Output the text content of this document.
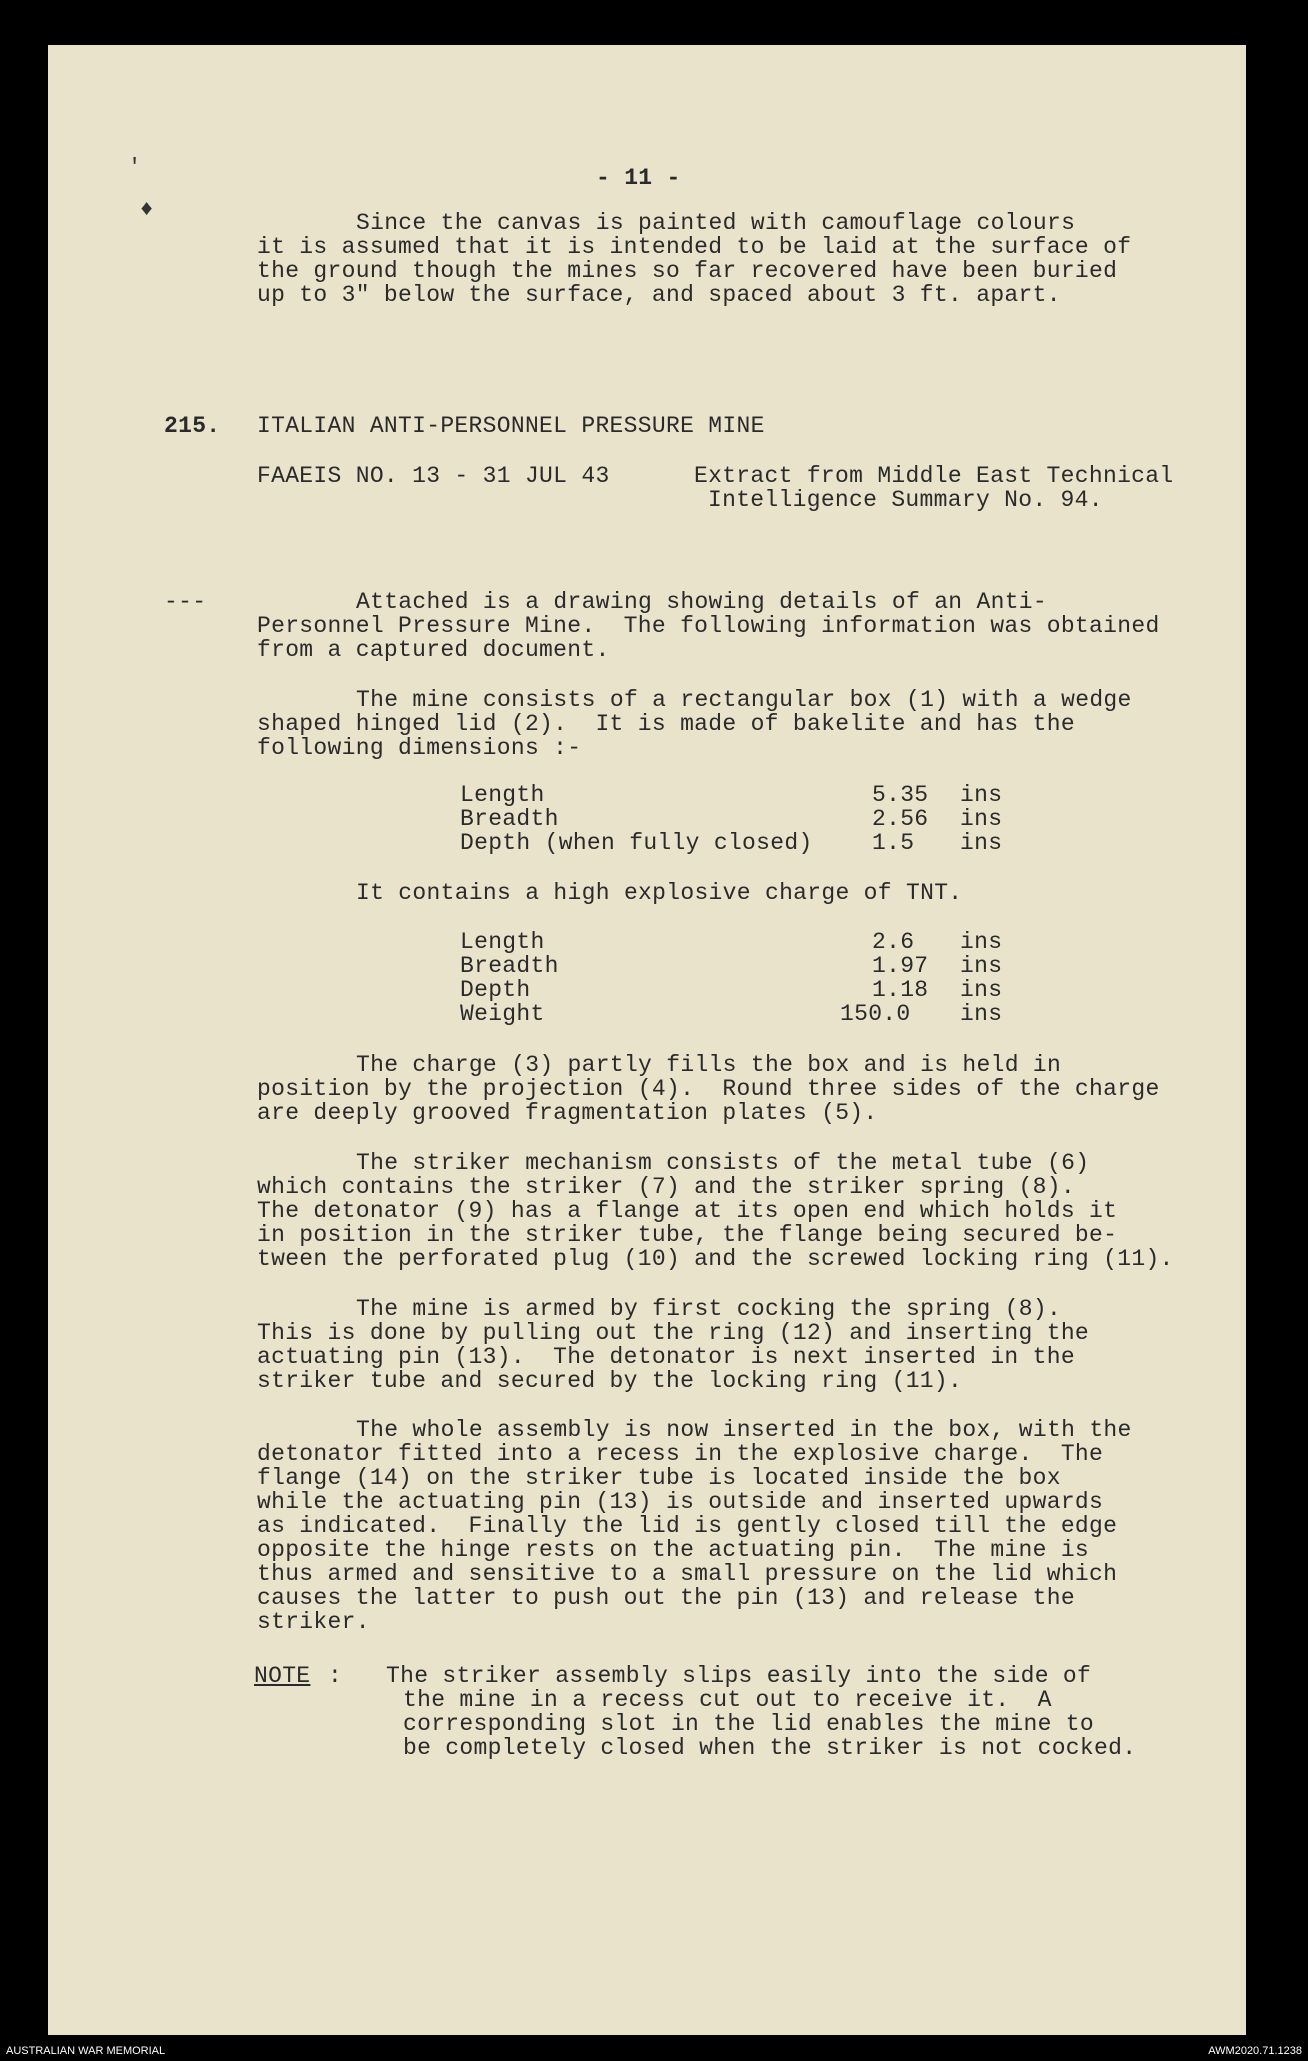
'
♦
- 11 -
Since the canvas is painted with camouflage colours
it is assumed that it is intended to be laid at the surface of
the ground though the mines so far recovered have been buried
up to 3" below the surface, and spaced about 3 ft. apart.
215. ITALIAN ANTI-PERSONNEL PRESSURE MINE
FAAEIS NO. 13 - 31 JUL 43	Extract from Middle East Technical
Intelligence Summary No. 94.
---	Attached is a drawing showing details of an Anti-
Personnel Pressure Mine.  The following information was obtained
from a captured document.
The mine consists of a rectangular box (1) with a wedge
shaped hinged lid (2).  It is made of bakelite and has the
following dimensions :-
Length	5.35 ins
Breadth	2.56 ins
Depth (when fully closed)	1.5 ins
It contains a high explosive charge of TNT.
Length	2.6 ins
Breadth	1.97 ins
Depth	1.18 ins
Weight	150.0 ins
The charge (3) partly fills the box and is held in
position by the projection (4).  Round three sides of the charge
are deeply grooved fragmentation plates (5).
The striker mechanism consists of the metal tube (6)
which contains the striker (7) and the striker spring (8).
The detonator (9) has a flange at its open end which holds it
in position in the striker tube, the flange being secured be-
tween the perforated plug (10) and the screwed locking ring (11).
The mine is armed by first cocking the spring (8).
This is done by pulling out the ring (12) and inserting the
actuating pin (13).  The detonator is next inserted in the
striker tube and secured by the locking ring (11).
The whole assembly is now inserted in the box, with the
detonator fitted into a recess in the explosive charge.  The
flange (14) on the striker tube is located inside the box
while the actuating pin (13) is outside and inserted upwards
as indicated.  Finally the lid is gently closed till the edge
opposite the hinge rests on the actuating pin.  The mine is
thus armed and sensitive to a small pressure on the lid which
causes the latter to push out the pin (13) and release the
striker.
NOTE : The striker assembly slips easily into the side of
the mine in a recess cut out to receive it.  A
corresponding slot in the lid enables the mine to
be completely closed when the striker is not cocked.
AUSTRALIAN WAR MEMORIAL	AWM2020.71.1238
